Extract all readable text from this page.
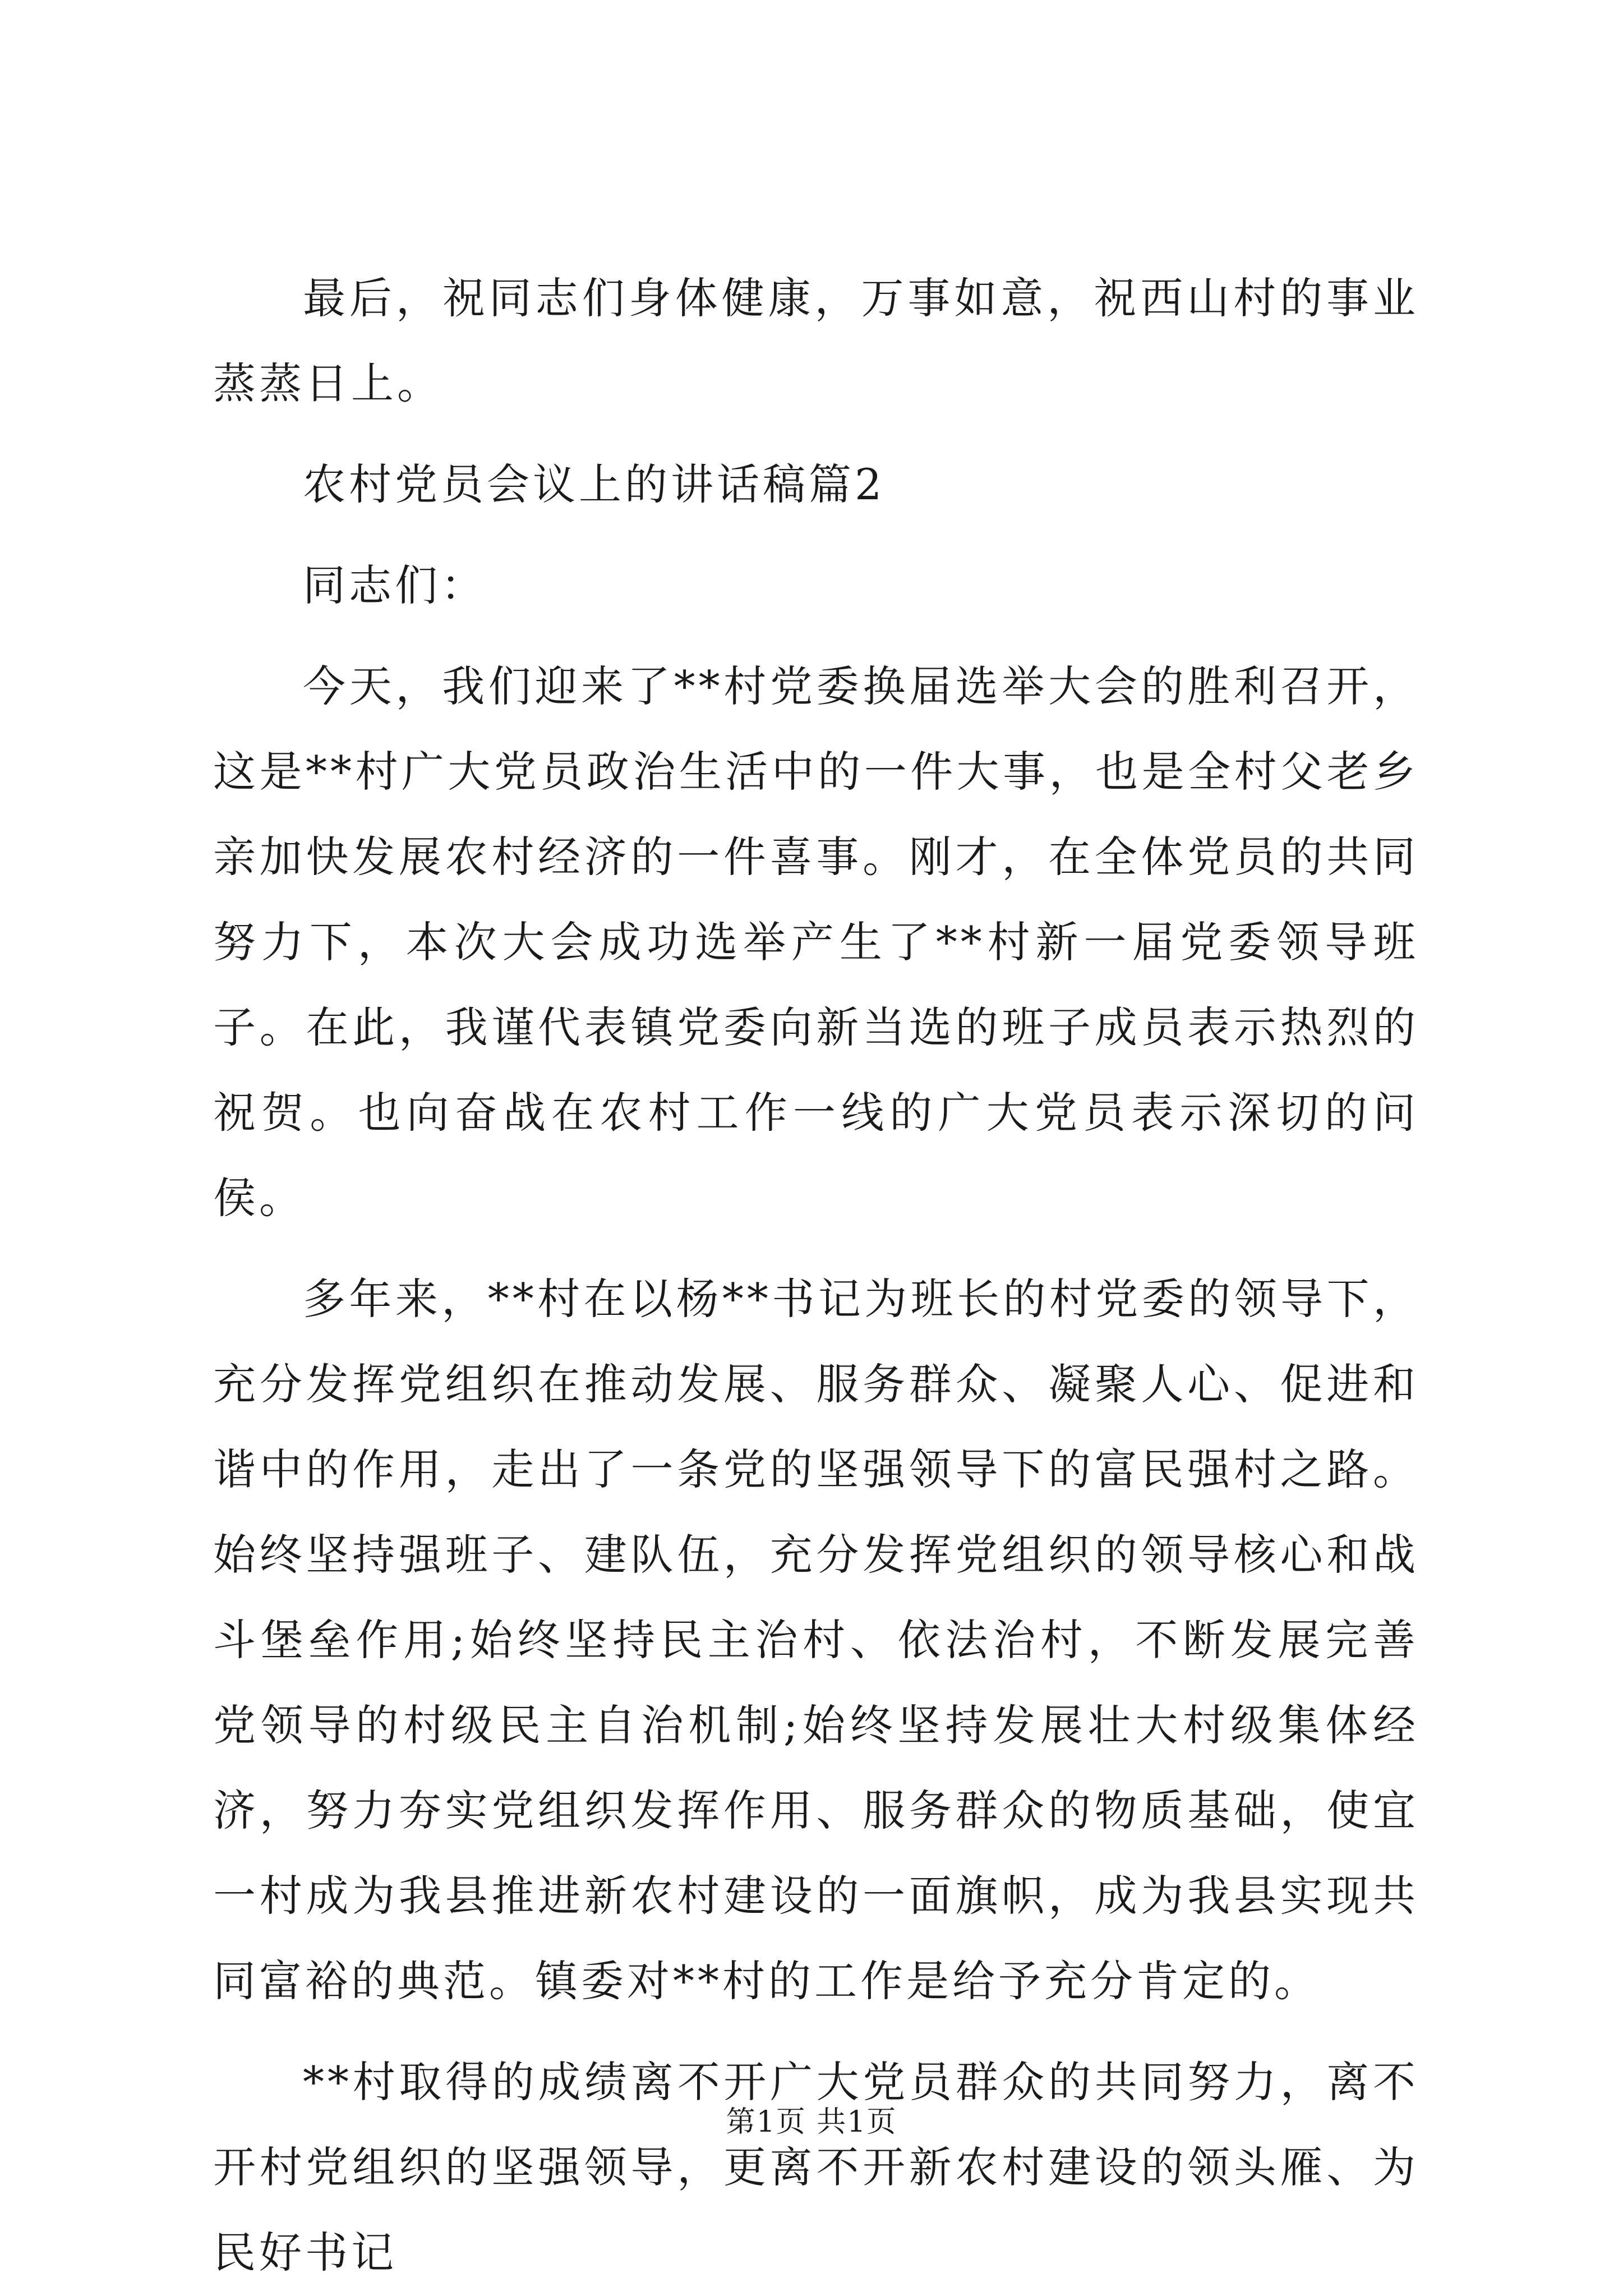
最后，祝同志们身体健康，万事如意，祝西山村的事业蒸蒸日上。

农村党员会议上的讲话稿篇2

同志们：

今天，我们迎来了**村党委换届选举大会的胜利召开，这是**村广大党员政治生活中的一件大事，也是全村父老乡亲加快发展农村经济的一件喜事。刚才，在全体党员的共同努力下，本次大会成功选举产生了**村新一届党委领导班子。在此，我谨代表镇党委向新当选的班子成员表示热烈的祝贺。也向奋战在农村工作一线的广大党员表示深切的问侯。

多年来，**村在以杨**书记为班长的村党委的领导下，充分发挥党组织在推动发展、服务群众、凝聚人心、促进和谐中的作用，走出了一条党的坚强领导下的富民强村之路。始终坚持强班子、建队伍，充分发挥党组织的领导核心和战斗堡垒作用;始终坚持民主治村、依法治村，不断发展完善党领导的村级民主自治机制;始终坚持发展壮大村级集体经济，努力夯实党组织发挥作用、服务群众的物质基础，使宜一村成为我县推进新农村建设的一面旗帜，成为我县实现共同富裕的典范。镇委对**村的工作是给予充分肯定的。

**村取得的成绩离不开广大党员群众的共同努力，离不开村党组织的坚强领导，更离不开新农村建设的领头雁、为民好书记

第1页 共1页
